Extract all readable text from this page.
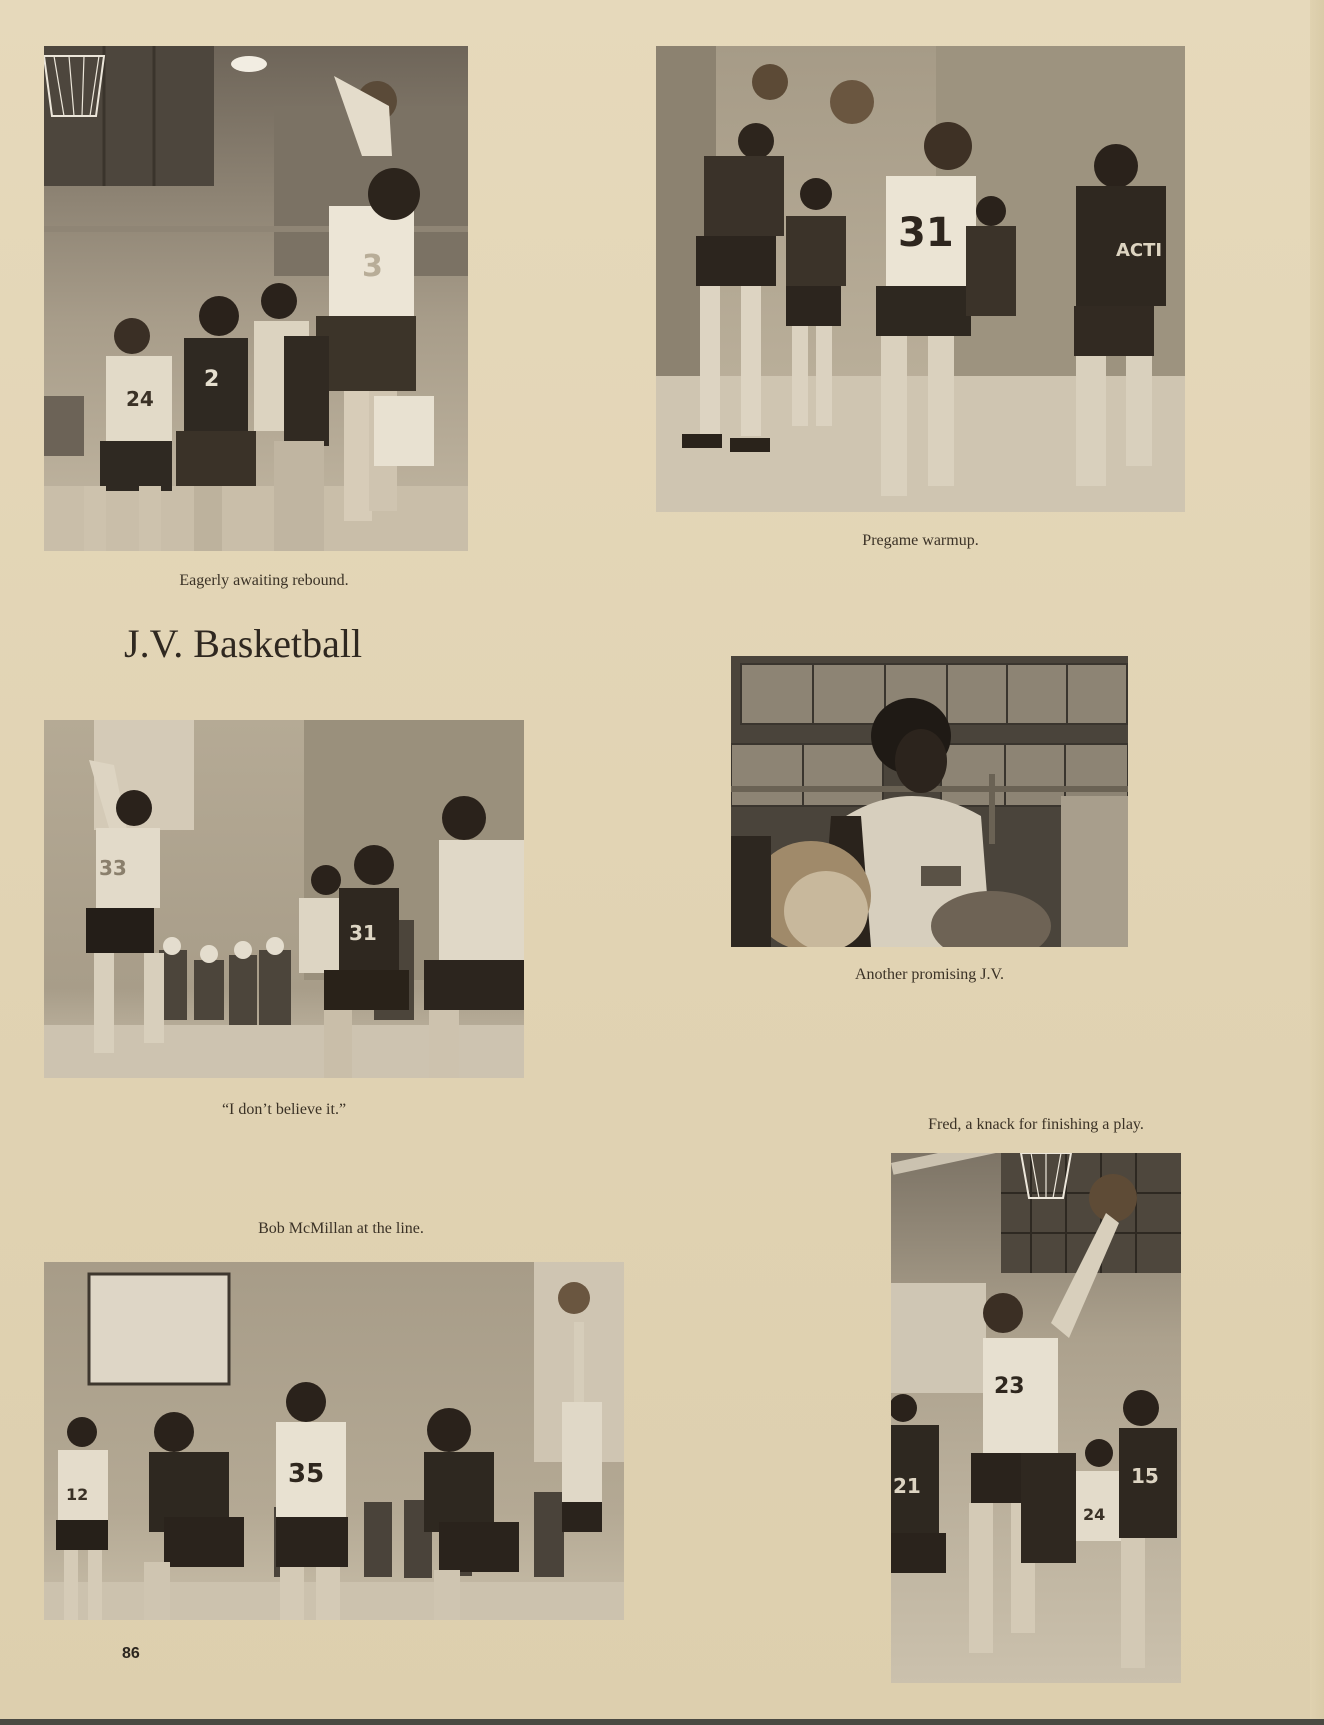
24
2
3
Eagerly awaiting rebound.
31	ACTI
Pregame warmup.
J.V. Basketball
Another promising J.V.
33
31
“I don’t believe it.”
Fred, a knack for finishing a play.
23
21
24
15
Bob McMillan at the line.
12
35
86
